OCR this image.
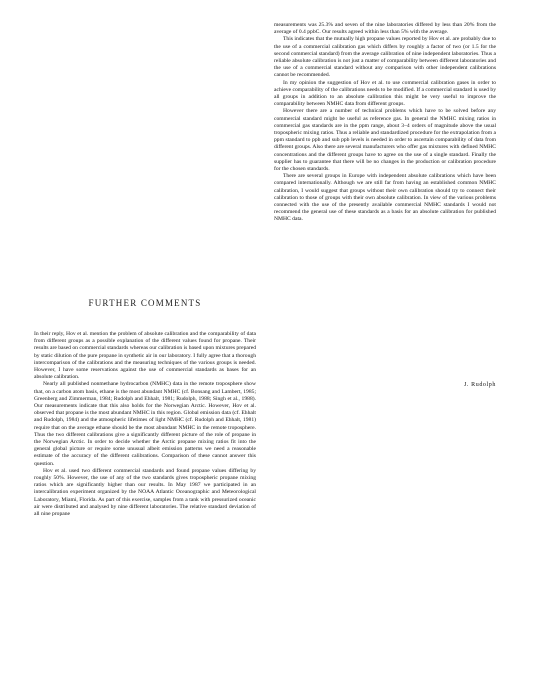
measurements was 25.3% and seven of the nine laboratories differed by less than 20% from the average of 0.4 ppbC. Our results agreed within less than 5% with the average.

This indicates that the mutually high propane values reported by Hov et al. are probably due to the use of a commercial calibration gas which differs by roughly a factor of two (or 1.5 for the second commercial standard) from the average calibration of nine independent laboratories. Thus a reliable absolute calibration is not just a matter of comparability between different laboratories and the use of a commercial standard without any comparison with other independent calibrations cannot be recommended.

In my opinion the suggestion of Hov et al. to use commercial calibration gases in order to achieve comparability of the calibrations needs to be modified. If a commercial standard is used by all groups in addition to an absolute calibration this might be very useful to improve the comparability between NMHC data from different groups.

However there are a number of technical problems which have to be solved before any commercial standard might be useful as reference gas. In general the NMHC mixing ratios in commercial gas standards are in the ppm range, about 3–4 orders of magnitude above the usual tropospheric mixing ratios. Thus a reliable and standardized procedure for the extrapolation from a ppm standard to ppb and sub ppb levels is needed in order to ascertain comparability of data from different groups. Also there are several manufacturers who offer gas mixtures with defined NMHC concentrations and the different groups have to agree on the use of a single standard. Finally the supplier has to guarantee that there will be no changes in the production or calibration procedure for the chosen standards.

There are several groups in Europe with independent absolute calibrations which have been compared internationally. Although we are still far from having an established common NMHC calibration, I would suggest that groups without their own calibration should try to connect their calibration to those of groups with their own absolute calibration. In view of the various problems connected with the use of the presently available commercial NMHC standards I would not recommend the general use of these standards as a basis for an absolute calibration for published NMHC data.

J. Rudolph
FURTHER COMMENTS

In their reply, Hov et al. mention the problem of absolute calibration and the comparability of data from different groups as a possible explanation of the different values found for propane. Their results are based on commercial standards whereas our calibration is based upon mixtures prepared by static dilution of the pure propane in synthetic air in our laboratory. I fully agree that a thorough intercomparison of the calibrations and the measuring techniques of the various groups is needed. However, I have some reservations against the use of commercial standards as bases for an absolute calibration.

Nearly all published nonmethane hydrocarbon (NMHC) data in the remote troposphere show that, on a carbon atom basis, ethane is the most abundant NMHC (cf. Bonsang and Lambert, 1985; Greenberg and Zimmerman, 1984; Rudolph and Ehhalt, 1981; Rudolph, 1988; Singh et al., 1988). Our measurements indicate that this also holds for the Norwegian Arctic. However, Hov et al. observed that propane is the most abundant NMHC in this region. Global emission data (cf. Ehhalt and Rudolph, 1984) and the atmospheric lifetimes of light NMHC (cf. Rudolph and Ehhalt, 1981) require that on the average ethane should be the most abundant NMHC in the remote troposphere. Thus the two different calibrations give a significantly different picture of the role of propane in the Norwegian Arctic. In order to decide whether the Arctic propane mixing ratios fit into the general global picture or require some unusual albeit emission patterns we need a reasonable estimate of the accuracy of the different calibrations. Comparison of these cannot answer this question.

Hov et al. used two different commercial standards and found propane values differing by roughly 50%. However, the use of any of the two standards gives tropospheric propane mixing ratios which are significantly higher than our results. In May 1987 we participated in an intercalibration experiment organized by the NOAA Atlantic Oceanographic and Meteorological Laboratory, Miami, Florida. As part of this exercise, samples from a tank with pressurized oceanic air were distributed and analysed by nine different laboratories. The relative standard deviation of all nine propane
